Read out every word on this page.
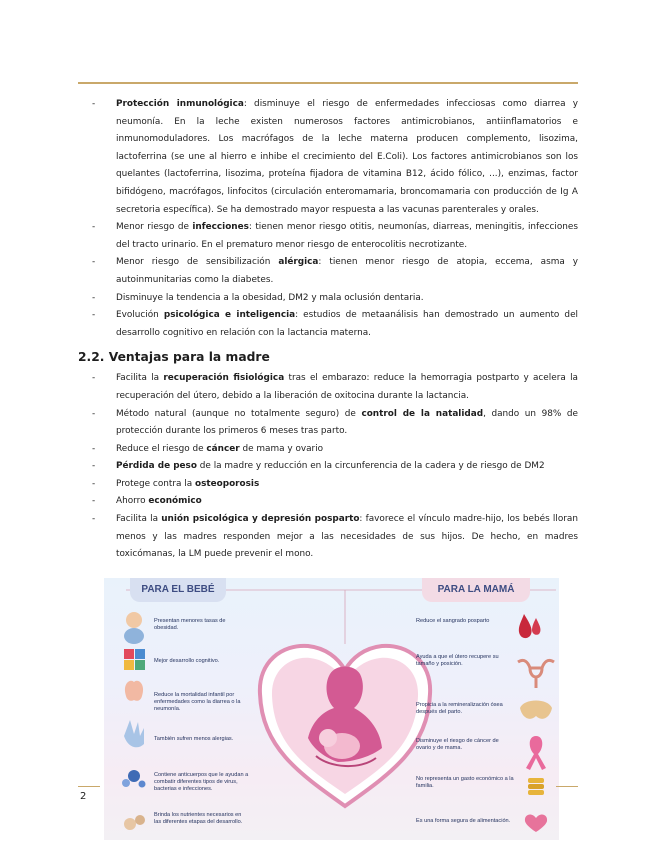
- Protección inmunológica: disminuye el riesgo de enfermedades infecciosas como diarrea y neumonía. En la leche existen numerosos factores antimicrobianos, antiinflamatorios e inmunomoduladores. Los macrófagos de la leche materna producen complemento, lisozima, lactoferrina (se une al hierro e inhibe el crecimiento del E.Coli). Los factores antimicrobianos son los quelantes (lactoferrina, lisozima, proteína fijadora de vitamina B12, ácido fólico, ...), enzimas, factor bifidógeno, macrófagos, linfocitos (circulación enteromamaria, broncomamaria con producción de Ig A secretoria específica). Se ha demostrado mayor respuesta a las vacunas parenterales y orales.
- Menor riesgo de infecciones: tienen menor riesgo otitis, neumonías, diarreas, meningitis, infecciones del tracto urinario. En el prematuro menor riesgo de enterocolitis necrotizante.
- Menor riesgo de sensibilización alérgica: tienen menor riesgo de atopia, eccema, asma y autoinmunitarias como la diabetes.
- Disminuye la tendencia a la obesidad, DM2 y mala oclusión dentaria.
- Evolución psicológica e inteligencia: estudios de metaanálisis han demostrado un aumento del desarrollo cognitivo en relación con la lactancia materna.
2.2. Ventajas para la madre
- Facilita la recuperación fisiológica tras el embarazo: reduce la hemorragia postparto y acelera la recuperación del útero, debido a la liberación de oxitocina durante la lactancia.
- Método natural (aunque no totalmente seguro) de control de la natalidad, dando un 98% de protección durante los primeros 6 meses tras parto.
- Reduce el riesgo de cáncer de mama y ovario
- Pérdida de peso de la madre y reducción en la circunferencia de la cadera y de riesgo de DM2
- Protege contra la osteoporosis
- Ahorro económico
- Facilita la unión psicológica y depresión posparto: favorece el vínculo madre-hijo, los bebés lloran menos y las madres responden mejor a las necesidades de sus hijos. De hecho, en madres toxicómanas, la LM puede prevenir el mono.
PARA EL BEBÉ	PARA LA MAMÁ
Presentan menores tasas de obesidad.
Mejor desarrollo cognitivo.
Reduce la mortalidad infantil por enfermedades como la diarrea o la neumonía.
También sufren menos alergias.
Contiene anticuerpos que le ayudan a combatir diferentes tipos de virus, bacterias e infecciones.
Brinda los nutrientes necesarios en las diferentes etapas del desarrollo.
Reduce el sangrado posparto
Ayuda a que el útero recupere su tamaño y posición.
Propicia a la remineralización ósea después del parto.
Disminuye el riesgo de cáncer de ovario y de mama.
No representa un gasto económico a la familia.
Es una forma segura de alimentación.
2
